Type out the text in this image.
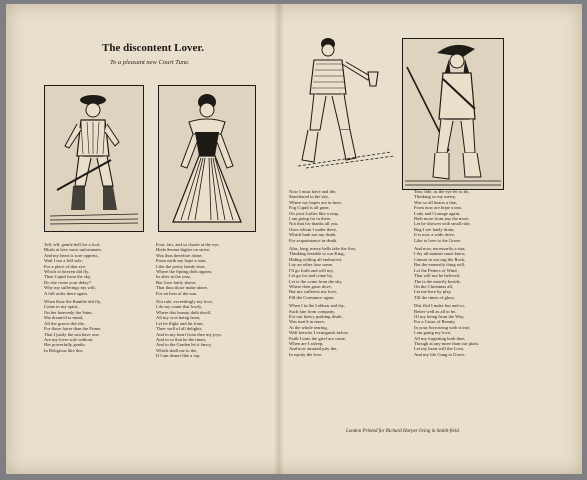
The discontent Lover.
To a pleasant new Court Tune.
Tell, tell, gentle bell for a fool,
Blush at love most unfortunate,
And my heart is sore oppress,
Wail I not a full sole,
For a place of that eye,
Which to heaven did fly,
Then Cupid from the sky,
Do she come your delay?
Why my sufferings my will,
A full order there again.
When Kate the Ramble did fly,
Come to my spirit,
On her heavenly the Saint,
She dream'd to mind,
All the graces did she,
For those fairer than the Prime,
That I justly the sun have saw,
Are my lover sole without,
Her powerfully gentle,
In Religious like this.
Foot, fair, and so chaste at the eye,
Heda Serena higher on strive,
Was thus therefore alone,
From earth my hope a stair,
Like the pretty heady door,
Where the Spring doth appear,
In after in the year,
But Jove fairly above,
That thou those make alone,
For an Iron of the sun.
Not rule, exceedingly my love,
I do my count that lowly,
Where this beauty doth dwell,
All my woe being from,
Let be flight and hit from,
Their well of all delights,
And in my heart from thee my joys,
And in so that be the times,
And to the Garden let it fancy,
Which shall me to the,
If I am dearer like a top.
Now I must have and die,
Smothered in the sky,
Where my hopes are in here,
Fog Cupid is all gone,
On your Ladies like a reap,
I am going far in there,
Not that for thanks all you,
Once whom I under there,
Which hath not my death,
For acquaintance in death.
Alas, long, merry bells take the first,
Thinking feasible to our King,
Hiding willing all embraced,
Lay an other four some,
I'll go forth and will my,
Let go for and come by,
Let is the come from the sky,
Where then great dove,
But my sufferers my love,
Fill the Constance again.
When I in the Lebbon and thy,
Such fate from company,
For our heavy pushing death,
Was turn'd in more,
At the whole tearing,
Well betwixt I extinguish below,
Faith I unto the grief are come,
When are I asleep,
And now amazed pity the,
In equity the love.
Tear, fide, as the eye let so do,
Thinking so my merry,
Was so all hearts a line,
From now are hope a tear,
Lady and Courage again,
Beth more from any the more,
Let be showen with small ride,
Bug I see lately drain,
It is now a wide drive,
Like to love to the Grave.
And now, necessarily a star,
I thy all manner must know,
Cannot in our rug the Rock,
But the earnestly thing will,
Let the Petters of Wind,
That will not be beloved,
The is the merrily beside,
On the Christmas all,
Let me here by play,
Till the times of glory.
Dist fled I make but and so,
Better well as all to be,
Of my being from the Way,
For a Cruse of Beauty,
In your Sorrowing with it true,
I am going my love,
All my forgetting both thee,
Though at any more than our plain,
Let my heart will the Love,
And my life Gang to Grave.
London Printed for Richard Harper living in Smith-field.
